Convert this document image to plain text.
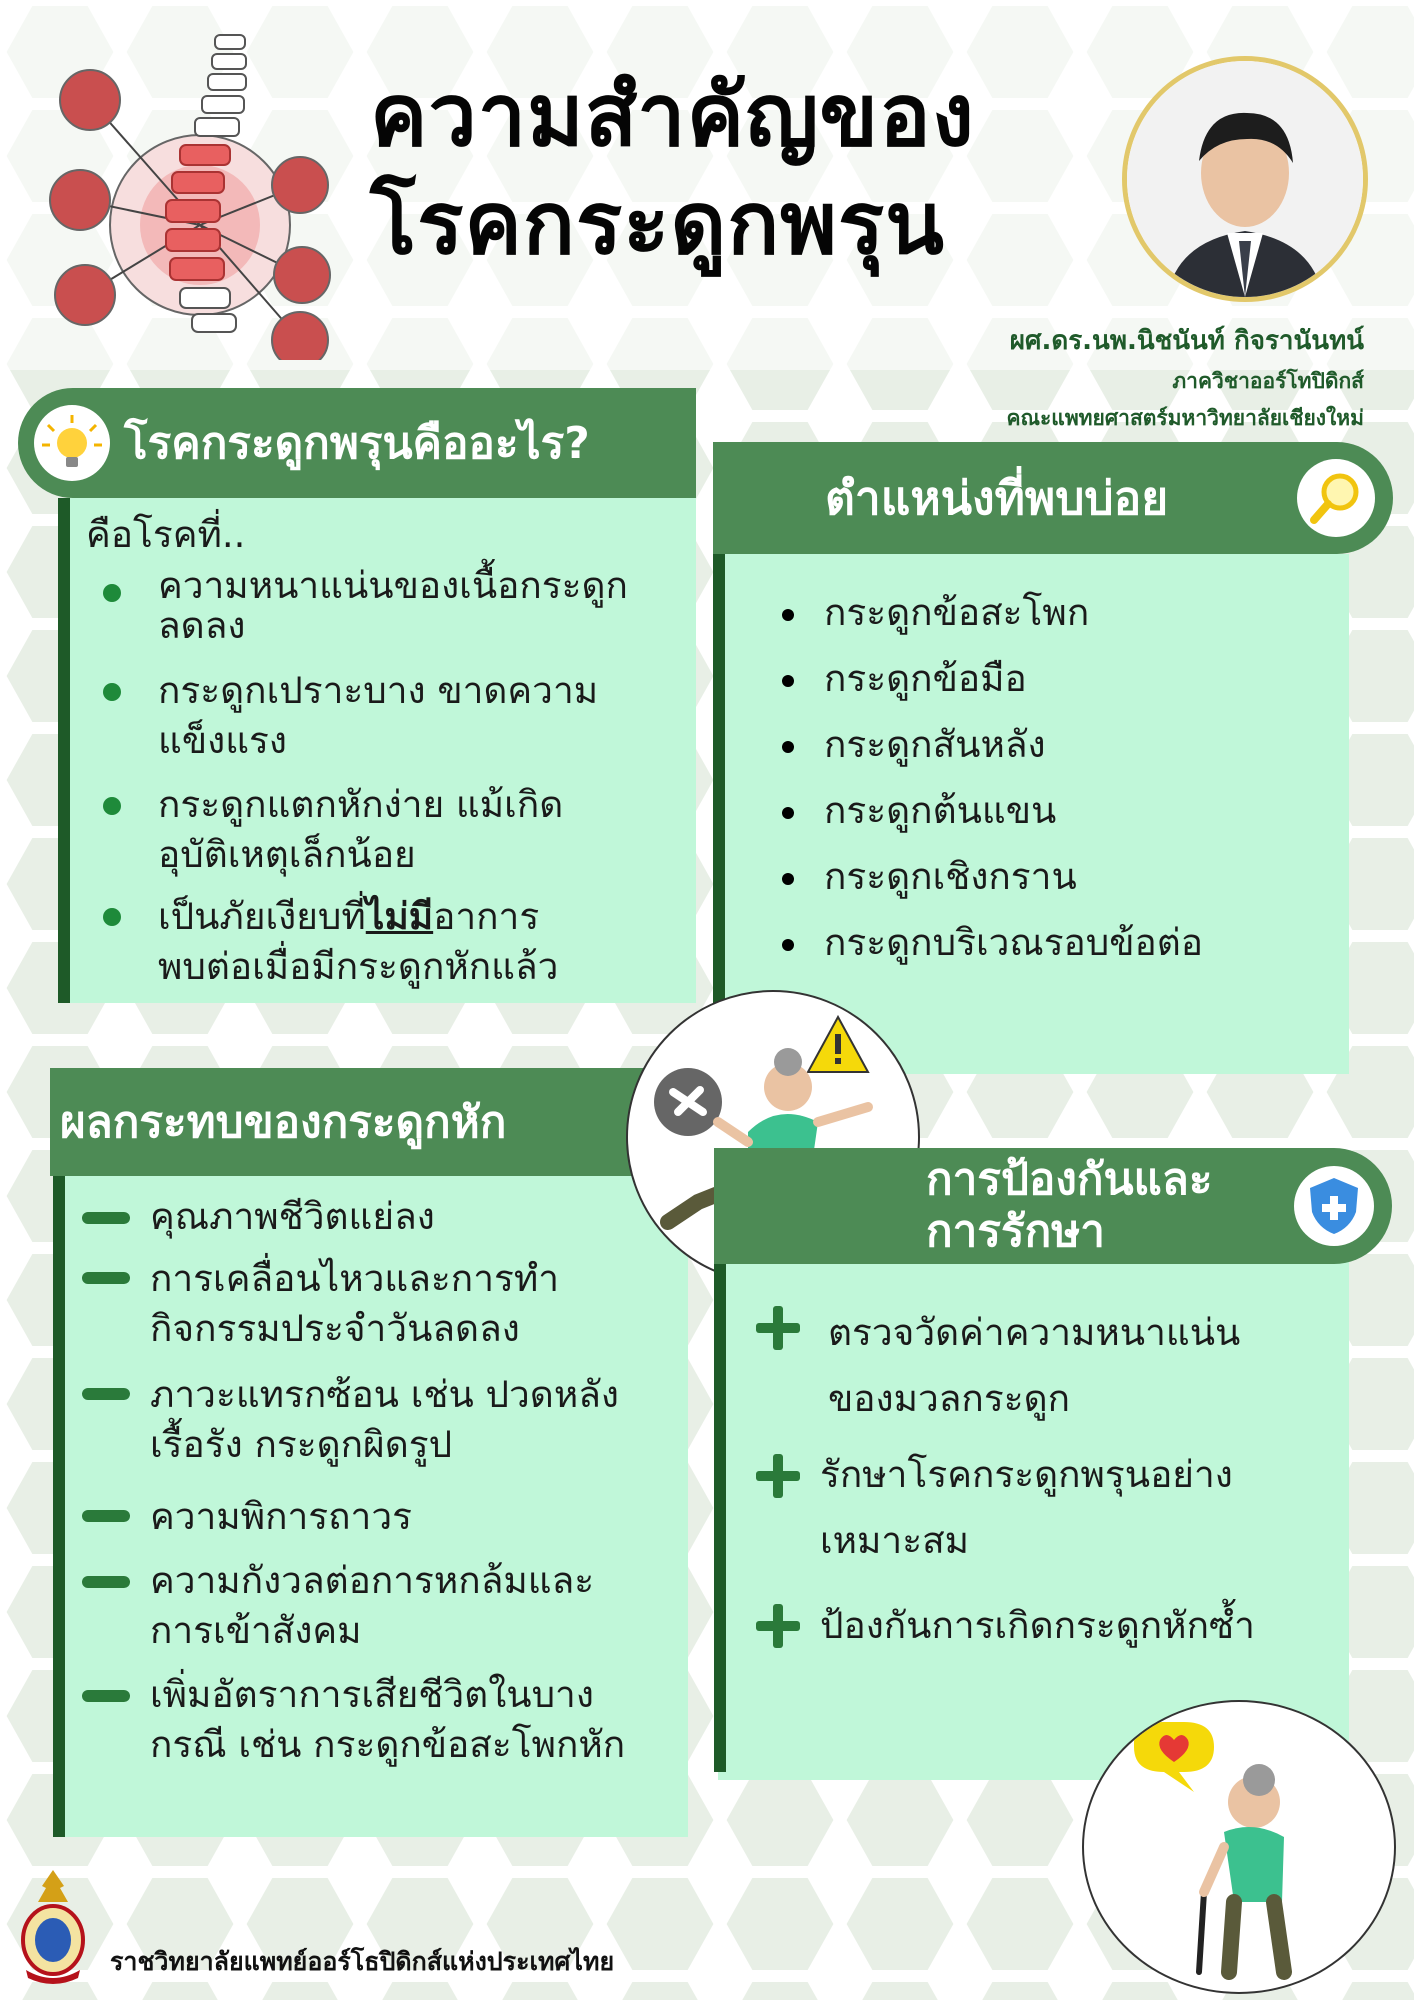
ความสำคัญของ
โรคกระดูกพรุน
ผศ.ดร.นพ.นิชนันท์ กิจรานันทน์
ภาควิชาออร์โทปิดิกส์
คณะแพทยศาสตร์มหาวิทยาลัยเชียงใหม่
โรคกระดูกพรุนคืออะไร?
คือโรคที่..
ความหนาแน่นของเนื้อกระดูก
ลดลง
กระดูกเปราะบาง ขาดความ
แข็งแรง
กระดูกแตกหักง่าย แม้เกิด
อุบัติเหตุเล็กน้อย
เป็นภัยเงียบที่ไม่มีอาการ
พบต่อเมื่อมีกระดูกหักแล้ว
ตำแหน่งที่พบบ่อย
กระดูกข้อสะโพก
กระดูกข้อมือ
กระดูกสันหลัง
กระดูกต้นแขน
กระดูกเชิงกราน
กระดูกบริเวณรอบข้อต่อ
ผลกระทบของกระดูกหัก
คุณภาพชีวิตแย่ลง
การเคลื่อนไหวและการทำ
กิจกรรมประจำวันลดลง
ภาวะแทรกซ้อน เช่น ปวดหลัง
เรื้อรัง กระดูกผิดรูป
ความพิการถาวร
ความกังวลต่อการหกล้มและ
การเข้าสังคม
เพิ่มอัตราการเสียชีวิตในบาง
กรณี เช่น กระดูกข้อสะโพกหัก
การป้องกันและ
การรักษา
ตรวจวัดค่าความหนาแน่น
ของมวลกระดูก
รักษาโรคกระดูกพรุนอย่าง
เหมาะสม
ป้องกันการเกิดกระดูกหักซ้ำ
ราชวิทยาลัยแพทย์ออร์โธปิดิกส์แห่งประเทศไทย
